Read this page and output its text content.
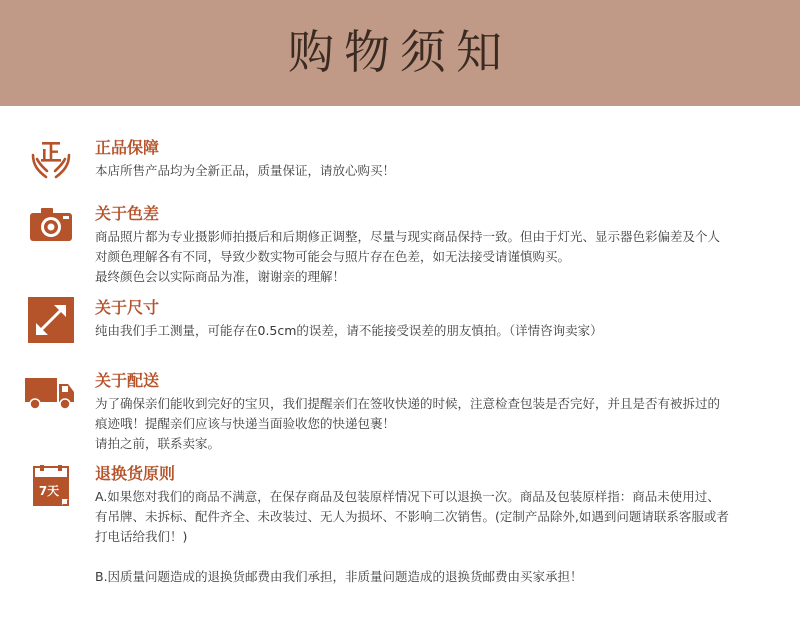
购物须知
正品保障
本店所售产品均为全新正品，质量保证，请放心购买！
关于色差
商品照片都为专业摄影师拍摄后和后期修正调整，尽量与现实商品保持一致。但由于灯光、显示器色彩偏差及个人
对颜色理解各有不同，导致少数实物可能会与照片存在色差，如无法接受请谨慎购买。
最终颜色会以实际商品为准，谢谢亲的理解！
关于尺寸
纯由我们手工测量，可能存在0.5cm的误差，请不能接受误差的朋友慎拍。（详情咨询卖家）
关于配送
为了确保亲们能收到完好的宝贝，我们提醒亲们在签收快递的时候，注意检查包装是否完好，并且是否有被拆过的
痕迹哦！提醒亲们应该与快递当面验收您的快递包裹！
请拍之前，联系卖家。
7天
退换货原则
A.如果您对我们的商品不满意，在保存商品及包装原样情况下可以退换一次。商品及包装原样指：商品未使用过、
有吊牌、未拆标、配件齐全、未改装过、无人为损坏、不影响二次销售。(定制产品除外,如遇到问题请联系客服或者
打电话给我们！)
B.因质量问题造成的退换货邮费由我们承担，非质量问题造成的退换货邮费由买家承担！
